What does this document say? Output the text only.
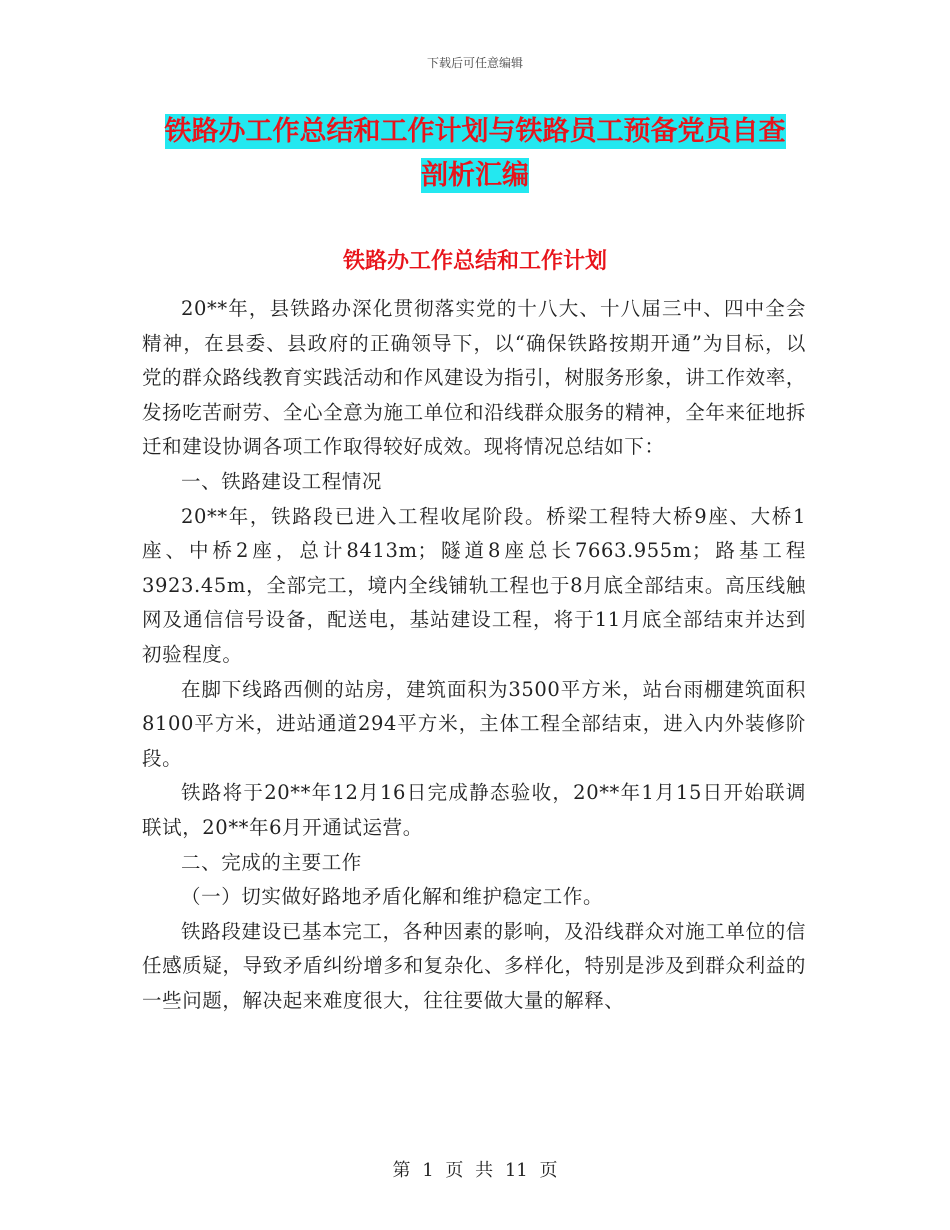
下载后可任意编辑
铁路办工作总结和工作计划与铁路员工预备党员自查
剖析汇编
铁路办工作总结和工作计划

20**年，县铁路办深化贯彻落实党的十八大、十八届三中、四中全会精神，在县委、县政府的正确领导下，以“确保铁路按期开通”为目标，以党的群众路线教育实践活动和作风建设为指引，树服务形象，讲工作效率，发扬吃苦耐劳、全心全意为施工单位和沿线群众服务的精神，全年来征地拆迁和建设协调各项工作取得较好成效。现将情况总结如下：

一、铁路建设工程情况

20**年，铁路段已进入工程收尾阶段。桥梁工程特大桥9座、大桥1座、中桥2座，总计8413m；隧道8座总长7663.955m；路基工程3923.45m，全部完工，境内全线铺轨工程也于8月底全部结束。高压线触网及通信信号设备，配送电，基站建设工程，将于11月底全部结束并达到初验程度。

在脚下线路西侧的站房，建筑面积为3500平方米，站台雨棚建筑面积8100平方米，进站通道294平方米，主体工程全部结束，进入内外装修阶段。

铁路将于20**年12月16日完成静态验收，20**年1月15日开始联调联试，20**年6月开通试运营。

二、完成的主要工作

（一）切实做好路地矛盾化解和维护稳定工作。

铁路段建设已基本完工，各种因素的影响，及沿线群众对施工单位的信任感质疑，导致矛盾纠纷增多和复杂化、多样化，特别是涉及到群众利益的一些问题，解决起来难度很大，往往要做大量的解释、

第 1 页 共 11 页
